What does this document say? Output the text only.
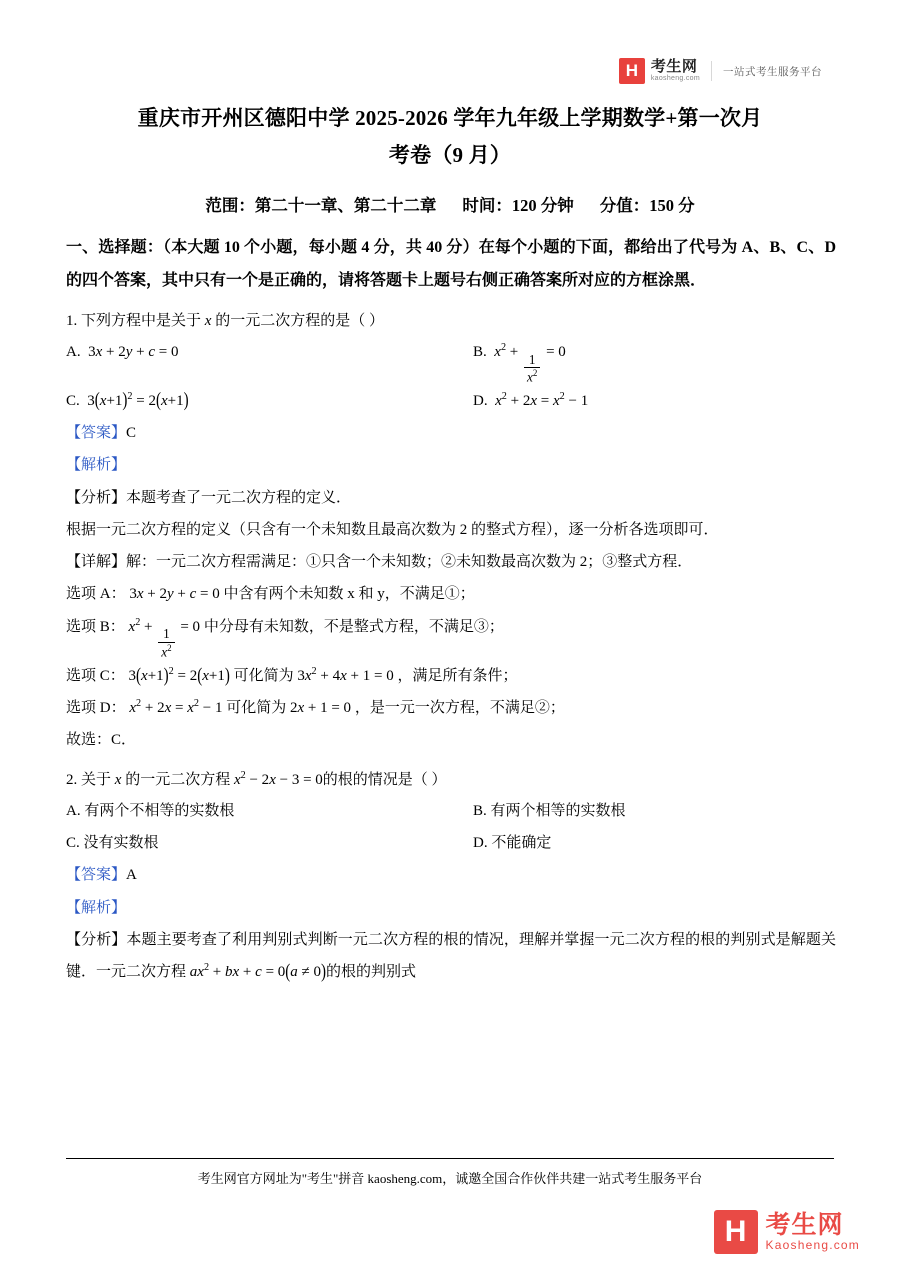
H 考生网
kaosheng.com
一站式考生服务平台
重庆市开州区德阳中学 2025-2026 学年九年级上学期数学+第一次月
考卷（9 月）
范围：第二十一章、第二十二章 时间：120 分钟 分值：150 分

一、选择题：（本大题 10 个小题，每小题 4 分，共 40 分）在每个小题的下面，都给出了代号为 A、B、C、D 的四个答案，其中只有一个是正确的，请将答题卡上题号右侧正确答案所对应的方框涂黑．

1. 下列方程中是关于 x 的一元二次方程的是（ ）

A.  3x + 2y + c = 0	B. $x^2$ +
$\frac{1}{x^2}$
= 0
C.  $3(x+1)^2 = 2(x+1)$	D. $x^2 + 2x = x^2 - 1$

【答案】C

【解析】

【分析】本题考查了一元二次方程的定义．

根据一元二次方程的定义（只含有一个未知数且最高次数为 2 的整式方程），逐一分析各选项即可．

【详解】解：一元二次方程需满足：①只含一个未知数；②未知数最高次数为 2；③整式方程．

选项 A： 3x + 2y + c = 0 中含有两个未知数 x 和 y，不满足①；

选项 B： $x^2$ +
$\frac{1}{x^2}$
= 0 中分母有未知数，不是整式方程，不满足③；

选项 C： $3(x+1)^2 = 2(x+1)$ 可化简为 $3x^2 + 4x + 1 = 0$ ，满足所有条件；

选项 D： $x^2 + 2x = x^2 - 1$ 可化简为 2x + 1 = 0 ，是一元一次方程，不满足②；

故选：C．

2. 关于 x 的一元二次方程 $x^2 - 2x - 3 = 0$的根的情况是（ ）

A. 有两个不相等的实数根	B. 有两个相等的实数根
C. 没有实数根	D. 不能确定

【答案】A

【解析】

【分析】本题主要考查了利用判别式判断一元二次方程的根的情况，理解并掌握一元二次方程的根的判别式是解题关键．一元二次方程 $ax^2$ + bx + c = 0(a ≠ 0)的根的判别式

考生网官方网址为"考生"拼音 kaosheng.com，诚邀全国合作伙伴共建一站式考生服务平台
H 考生网
Kaosheng.com
